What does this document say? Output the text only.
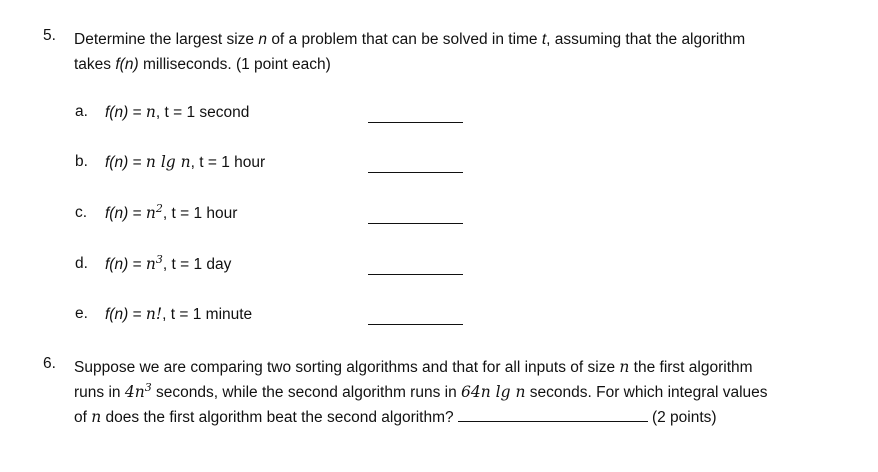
5. Determine the largest size n of a problem that can be solved in time t, assuming that the algorithm
takes f(n) milliseconds. (1 point each)
a. f(n) = n, t = 1 second
b. f(n) = n lg n, t = 1 hour
c. $f(n) = n^2$, t = 1 hour
d. $f(n) = n^3$, t = 1 day
e. f(n) = n!, t = 1 minute
6. Suppose we are comparing two sorting algorithms and that for all inputs of size n the first algorithm
runs in $4n^3$ seconds, while the second algorithm runs in 64n lg n seconds. For which integral values
of n does the first algorithm beat the second algorithm?	(2 points)
